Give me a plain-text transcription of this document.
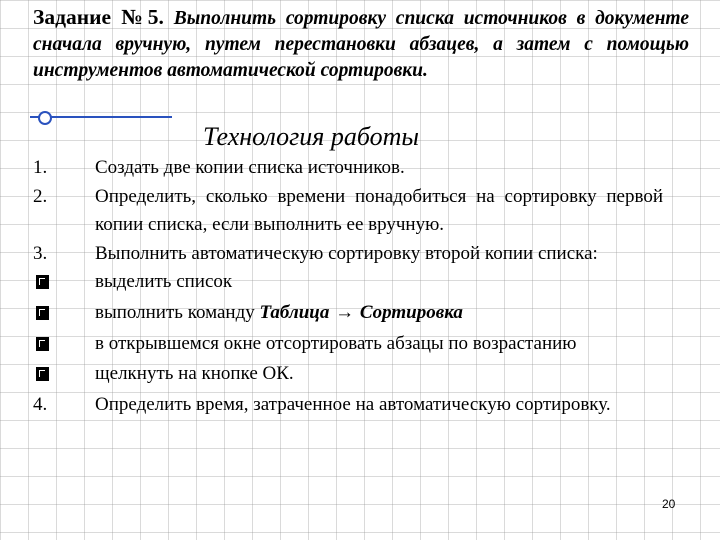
Задание №5. Выполнить сортировку списка источников в документе сначала вручную, путем перестановки абзацев, а затем с помощью инструментов автоматической сортировки.
Технология работы
1.	Создать две копии списка источников.
2.	Определить, сколько времени понадобиться на сортировку первой копии списка, если выполнить ее вручную.
3.	Выполнить автоматическую сортировку второй копии списка:
выделить список
выполнить команду Таблица → Сортировка
в открывшемся окне отсортировать абзацы по возрастанию
щелкнуть на кнопке ОК.
4.	Определить время, затраченное на автоматическую сортировку.
20
